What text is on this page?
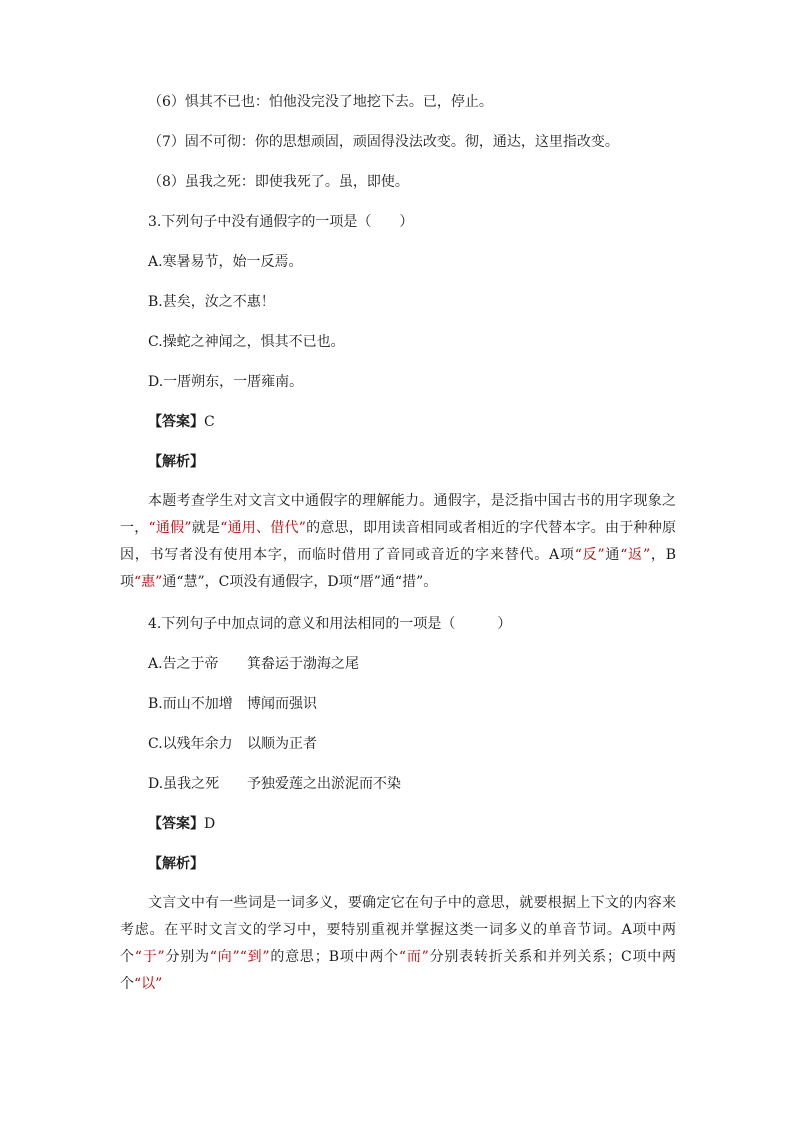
（6）惧其不已也：怕他没完没了地挖下去。已，停止。

（7）固不可彻：你的思想顽固，顽固得没法改变。彻，通达，这里指改变。

（8）虽我之死：即使我死了。虽，即使。

3.下列句子中没有通假字的一项是（　　）

A.寒暑易节，始一反焉。

B.甚矣，汝之不惠！

C.操蛇之神闻之，惧其不已也。

D.一厝朔东，一厝雍南。

【答案】C

【解析】

本题考查学生对文言文中通假字的理解能力。通假字，是泛指中国古书的用字现象之一，“通假”就是“通用、借代”的意思，即用读音相同或者相近的字代替本字。由于种种原因，书写者没有使用本字，而临时借用了音同或音近的字来替代。A项“反”通“返”，B项“惠”通“慧”，C项没有通假字，D项“厝”通“措”。

4.下列句子中加点词的意义和用法相同的一项是（　　　）

A.告之于帝 箕畚运于渤海之尾

B.而山不加增 博闻而强识

C.以残年余力 以顺为正者

D.虽我之死 予独爱莲之出淤泥而不染

【答案】D

【解析】

文言文中有一些词是一词多义，要确定它在句子中的意思，就要根据上下文的内容来考虑。在平时文言文的学习中，要特别重视并掌握这类一词多义的单音节词。A项中两个“于”分别为“向”“到”的意思；B项中两个“而”分别表转折关系和并列关系；C项中两个“以”
